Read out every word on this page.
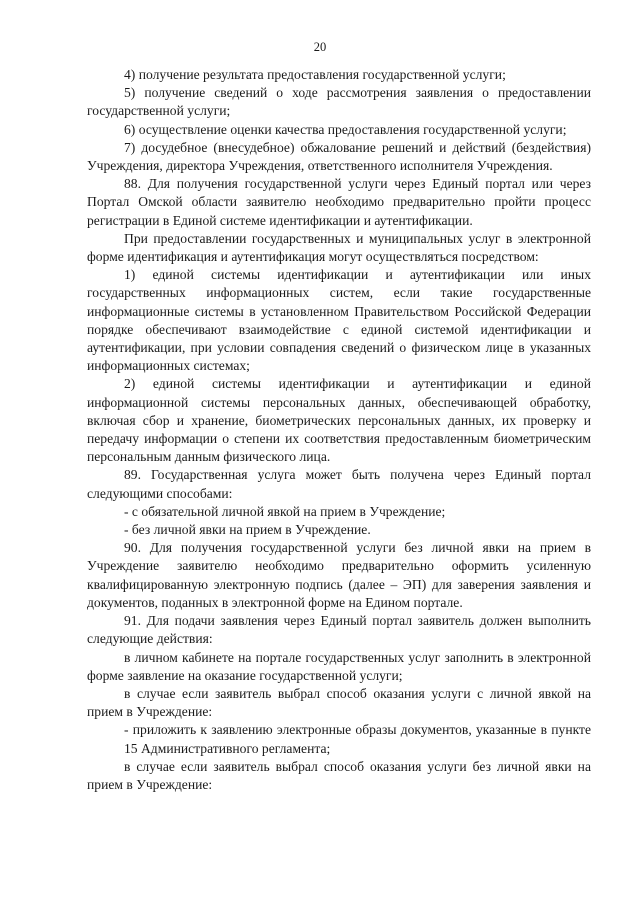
20

4) получение результата предоставления государственной услуги;

5) получение сведений о ходе рассмотрения заявления о предоставлении государственной услуги;

6) осуществление оценки качества предоставления государственной услуги;

7) досудебное (внесудебное) обжалование решений и действий (бездействия) Учреждения, директора Учреждения, ответственного исполнителя Учреждения.

88. Для получения государственной услуги через Единый портал или через Портал Омской области заявителю необходимо предварительно пройти процесс регистрации в Единой системе идентификации и аутентификации.

При предоставлении государственных и муниципальных услуг в электронной форме идентификация и аутентификация могут осуществляться посредством:

1) единой системы идентификации и аутентификации или иных государственных информационных систем, если такие государственные информационные системы в установленном Правительством Российской Федерации порядке обеспечивают взаимодействие с единой системой идентификации и аутентификации, при условии совпадения сведений о физическом лице в указанных информационных системах;

2) единой системы идентификации и аутентификации и единой информационной системы персональных данных, обеспечивающей обработку, включая сбор и хранение, биометрических персональных данных, их проверку и передачу информации о степени их соответствия предоставленным биометрическим персональным данным физического лица.

89. Государственная услуга может быть получена через Единый портал следующими способами:

- с обязательной личной явкой на прием в Учреждение;

- без личной явки на прием в Учреждение.

90. Для получения государственной услуги без личной явки на прием в Учреждение заявителю необходимо предварительно оформить усиленную квалифицированную электронную подпись (далее – ЭП) для заверения заявления и документов, поданных в электронной форме на Едином портале.

91. Для подачи заявления через Единый портал заявитель должен выполнить следующие действия:

в личном кабинете на портале государственных услуг заполнить в электронной форме заявление на оказание государственной услуги;

в случае если заявитель выбрал способ оказания услуги с личной явкой на прием в Учреждение:

- приложить к заявлению электронные образы документов, указанные в пункте 15 Административного регламента;

в случае если заявитель выбрал способ оказания услуги без личной явки на прием в Учреждение:
